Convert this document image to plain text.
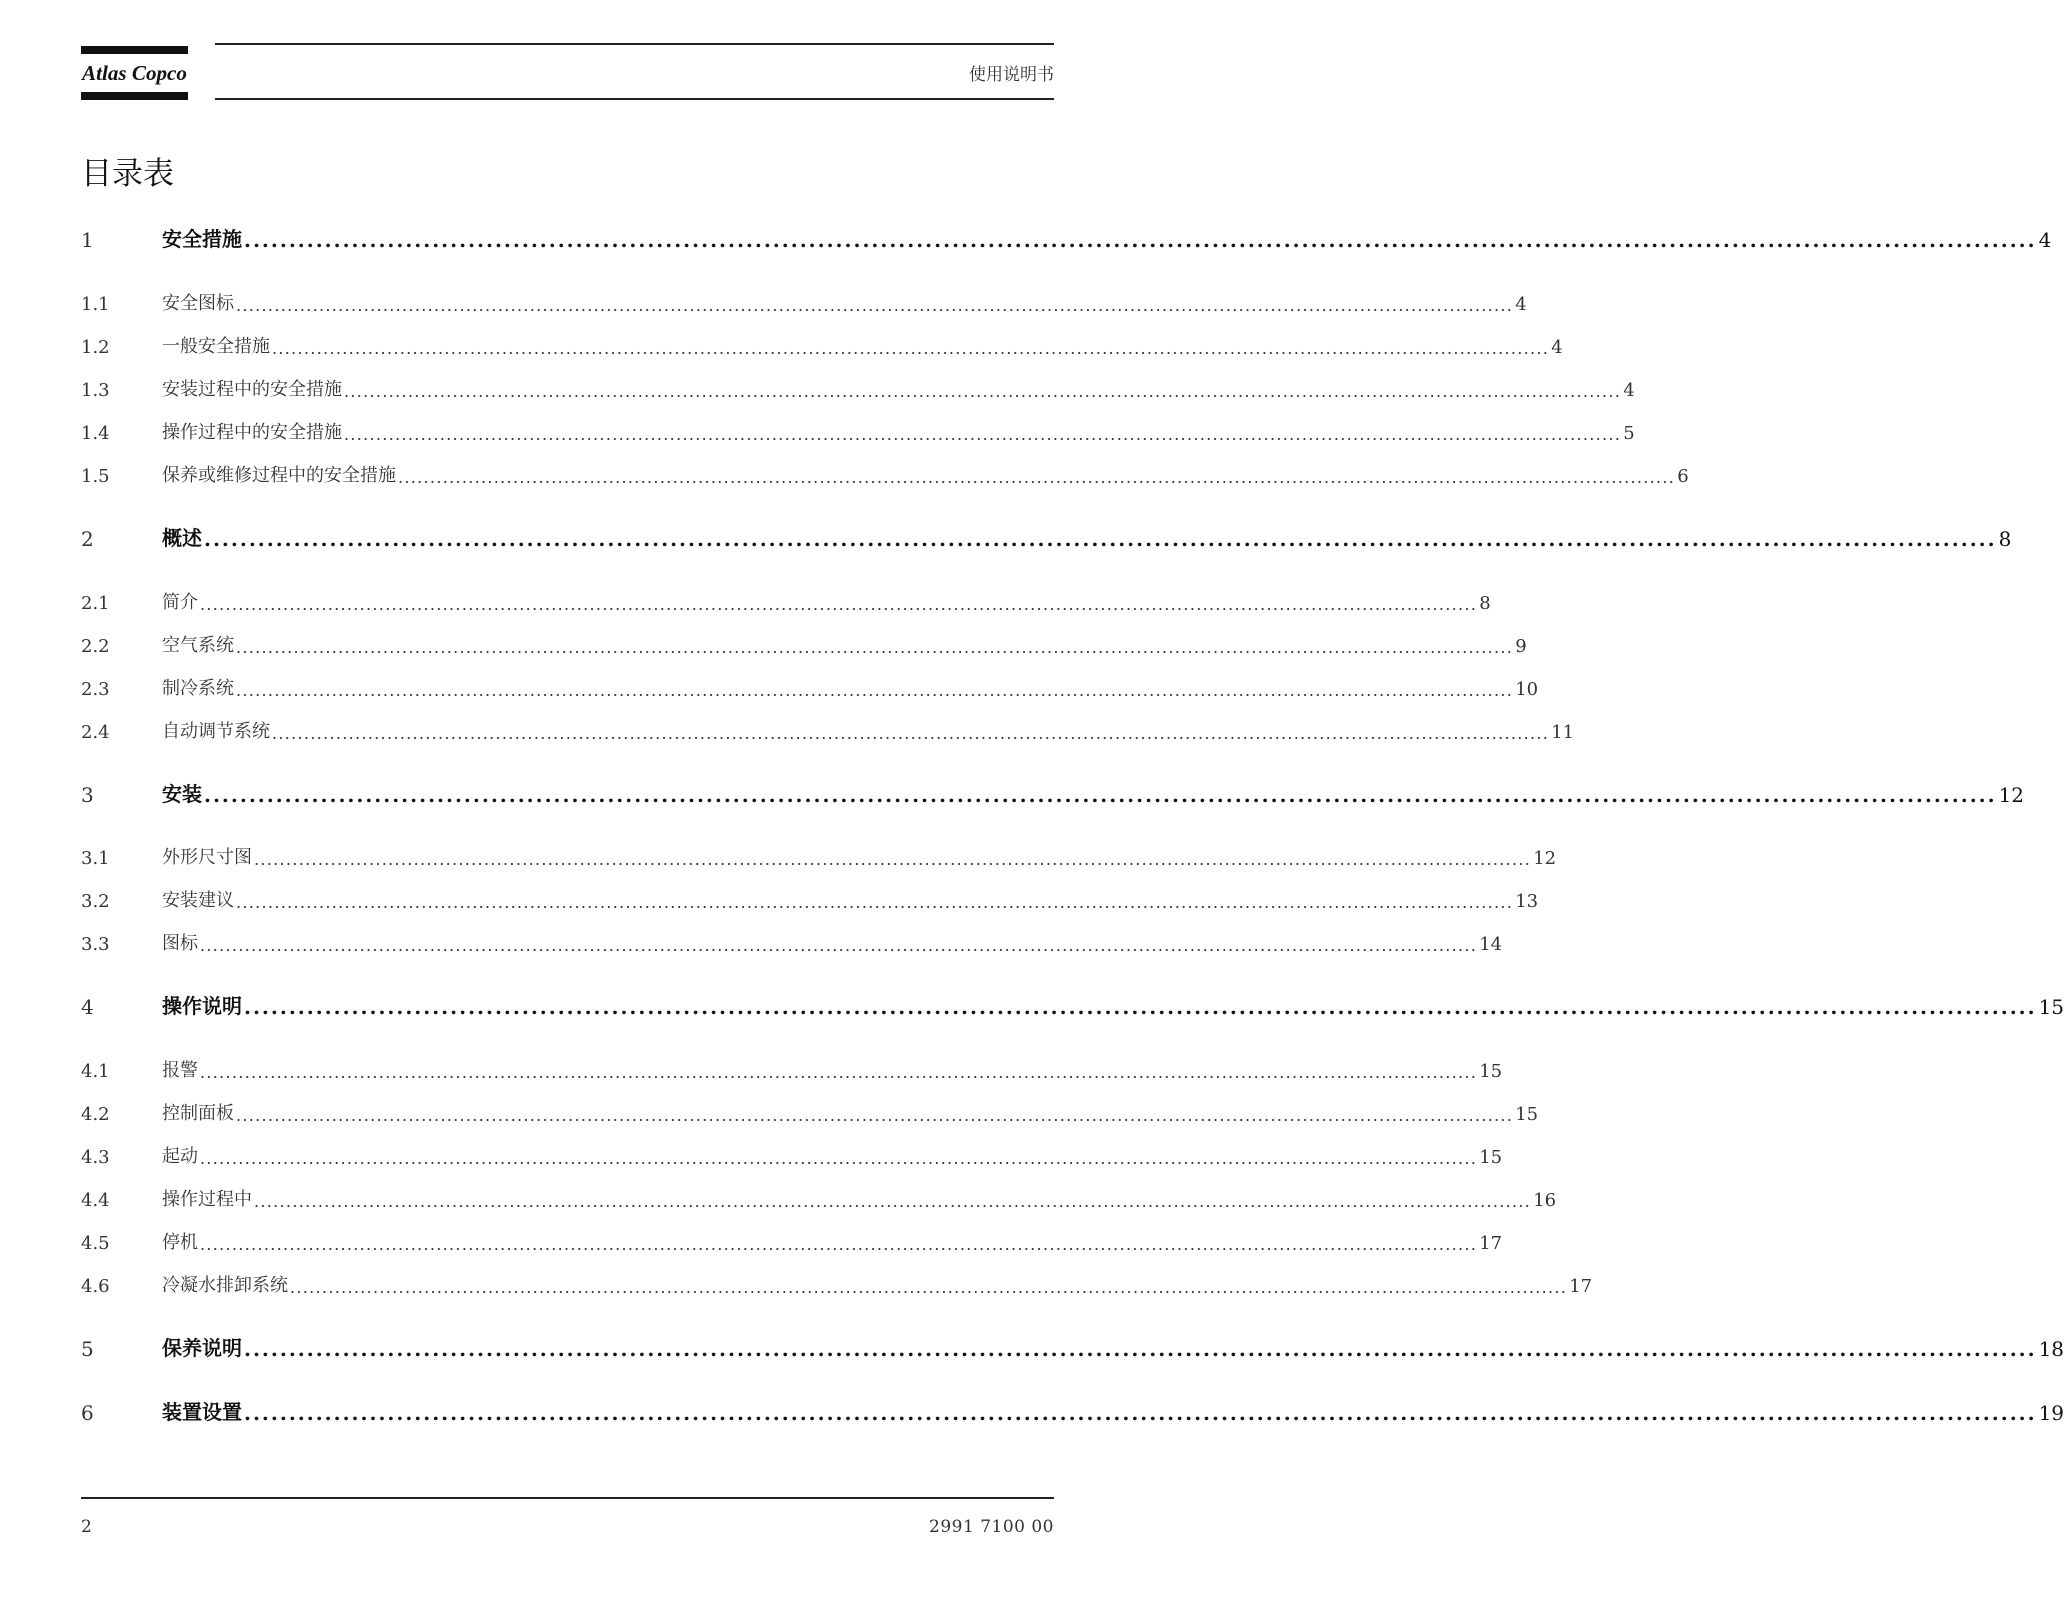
Atlas Copco	使用说明书
目录表
1	安全措施 ........................................................................................................................................................................................................ 4
1.1	安全图标 ........................................................................................................................................................................................................ 4
1.2	一般安全措施 ........................................................................................................................................................................................................ 4
1.3	安装过程中的安全措施 ........................................................................................................................................................................................................ 4
1.4	操作过程中的安全措施 ........................................................................................................................................................................................................ 5
1.5	保养或维修过程中的安全措施 ........................................................................................................................................................................................................ 6
2	概述 ........................................................................................................................................................................................................ 8
2.1	简介 ........................................................................................................................................................................................................ 8
2.2	空气系统 ........................................................................................................................................................................................................ 9
2.3	制冷系统 ........................................................................................................................................................................................................ 10
2.4	自动调节系统 ........................................................................................................................................................................................................ 11
3	安装 ........................................................................................................................................................................................................ 12
3.1	外形尺寸图 ........................................................................................................................................................................................................ 12
3.2	安装建议 ........................................................................................................................................................................................................ 13
3.3	图标 ........................................................................................................................................................................................................ 14
4	操作说明 ........................................................................................................................................................................................................ 15
4.1	报警 ........................................................................................................................................................................................................ 15
4.2	控制面板 ........................................................................................................................................................................................................ 15
4.3	起动 ........................................................................................................................................................................................................ 15
4.4	操作过程中 ........................................................................................................................................................................................................ 16
4.5	停机 ........................................................................................................................................................................................................ 17
4.6	冷凝水排卸系统 ........................................................................................................................................................................................................ 17
5	保养说明 ........................................................................................................................................................................................................ 18
6	装置设置 ........................................................................................................................................................................................................ 19
2	2991 7100 00
